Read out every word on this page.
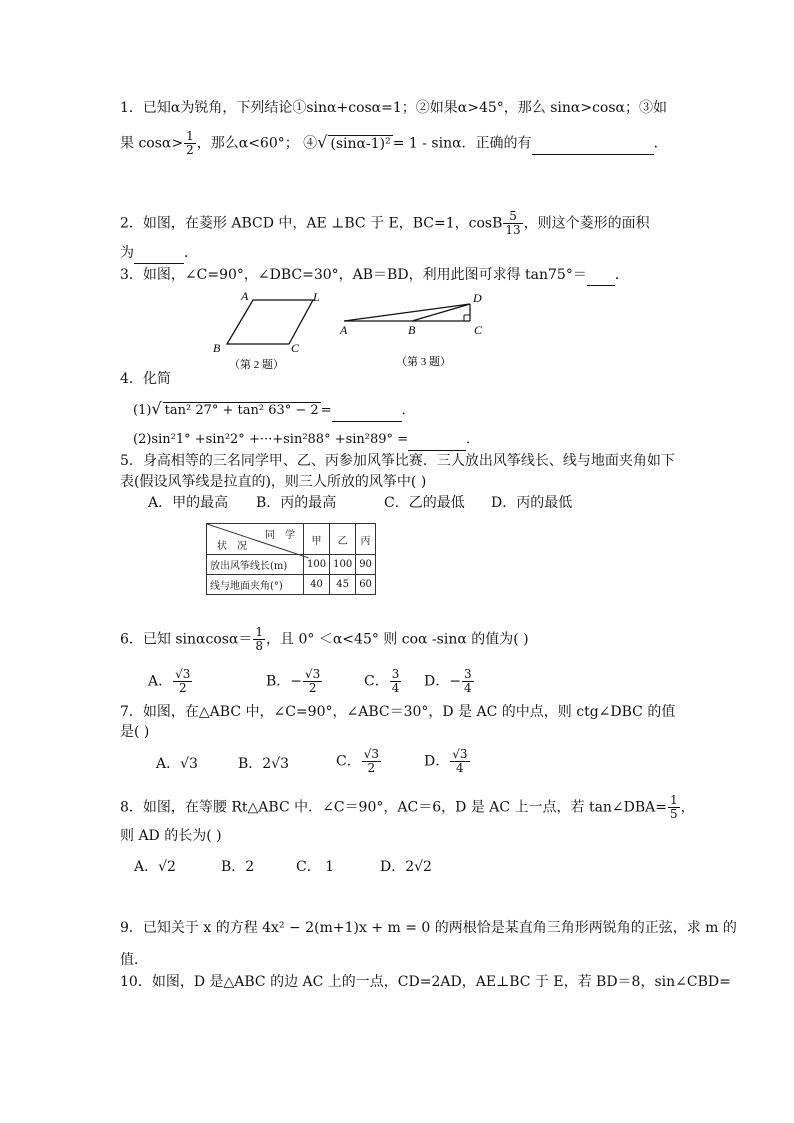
1．已知α为锐角，下列结论①sinα+cosα=1；②如果α>45°，那么 sinα>cosα；③如
果 $\cos\alpha> \frac{1}{2}$ ，那么α<60°； ④√ (sinα-1)² = 1 - sinα．正确的有	．
2．如图，在菱形 ABCD 中，AE ⊥BC 于 E，BC=1，cosB $\frac{5}{13}$ ，则这个菱形的面积
为	．
3．如图，∠C=90°，∠DBC=30°，AB＝BD，利用此图可求得 tan75°＝ ．
A	L
B	C
（第 2 题）
A	B	C
D
（第 3 题）
4．化简
(1)√ tan² 27° + tan² 63° − 2 =	．
(2)sin²1° +sin²2° +···+sin²88° +sin²89° =	．
5．身高相等的三名同学甲、乙、丙参加风筝比赛．三人放出风筝线长、线与地面夹角如下
表(假设风筝线是拉直的)，则三人所放的风筝中( )
A．甲的最高 B．丙的最高	C．乙的最低 D．丙的最低
同　学
状　况	甲	乙	丙
放出风筝线长(m)	100	100	90
线与地面夹角(°)	40	45	60
6．已知 $\sin\alpha\cos\alpha= \frac{1}{8}$ ，且 0° ＜α<45° 则 coα -sinα 的值为( )
A． $\frac{√3}{2}$	B．− $\frac{√3}{2}$	C． $\frac{3}{4}$ D．− $\frac{3}{4}$
7．如图，在△ABC 中，∠C=90°，∠ABC＝30°，D 是 AC 的中点，则 ctg∠DBC 的值
是( )
A．√3	B．2√3	C． $\frac{√3}{2}$	D． $\frac{√3}{4}$
8．如图，在等腰 Rt△ABC 中．∠C＝90°，AC＝6，D 是 AC 上一点，若 tan∠DBA= $\frac{1}{5}$ ，
则 AD 的长为( )
A．√2	B．2	C． 1	D．2√2
9．已知关于 x 的方程 4x² − 2(m+1)x + m = 0 的两根恰是某直角三角形两锐角的正弦，求 m 的
值．
10．如图，D 是△ABC 的边 AC 上的一点，CD=2AD，AE⊥BC 于 E，若 BD＝8，sin∠CBD=
